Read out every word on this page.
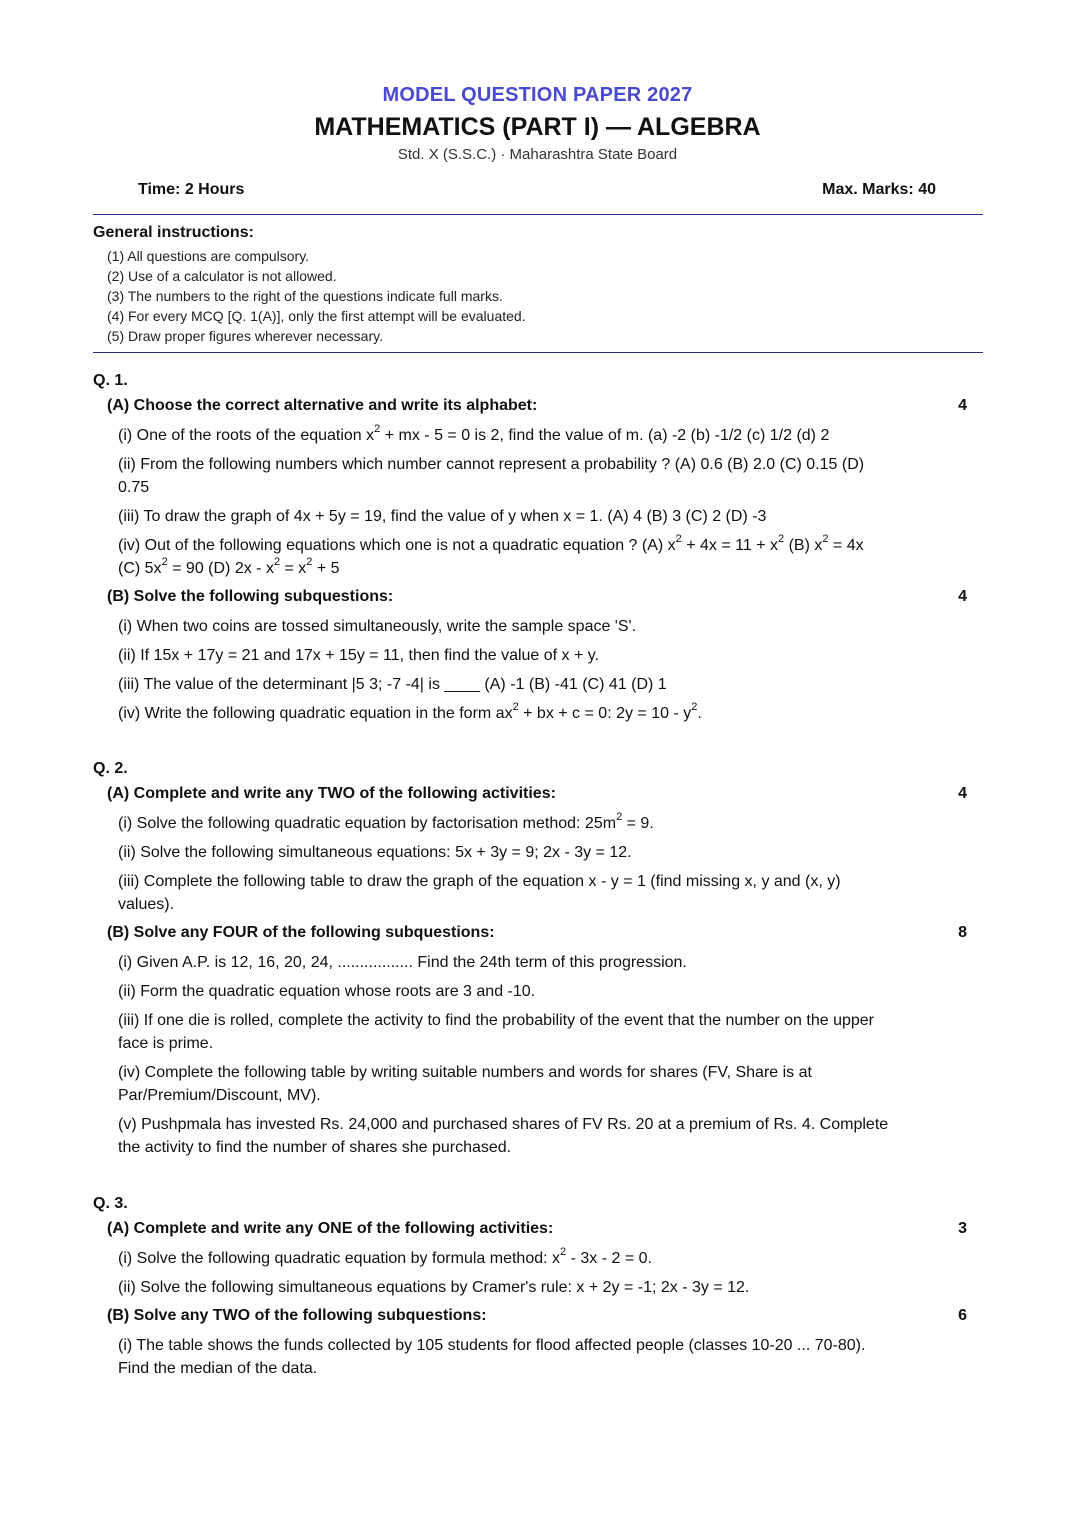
MODEL QUESTION PAPER 2027
MATHEMATICS (PART I) — ALGEBRA
Std. X (S.S.C.) · Maharashtra State Board
Time: 2 Hours	Max. Marks: 40
General instructions:
(1) All questions are compulsory.
(2) Use of a calculator is not allowed.
(3) The numbers to the right of the questions indicate full marks.
(4) For every MCQ [Q. 1(A)], only the first attempt will be evaluated.
(5) Draw proper figures wherever necessary.
Q. 1.
(A) Choose the correct alternative and write its alphabet:	4
(i) One of the roots of the equation $x^2$ + mx - 5 = 0 is 2, find the value of m. (a) -2 (b) -1/2 (c) 1/2 (d) 2
(ii) From the following numbers which number cannot represent a probability ? (A) 0.6 (B) 2.0 (C) 0.15 (D) 0.75
(iii) To draw the graph of 4x + 5y = 19, find the value of y when x = 1. (A) 4 (B) 3 (C) 2 (D) -3
(iv) Out of the following equations which one is not a quadratic equation ? (A) $x^2 + 4x = 11 + x^2$ (B) $x^2 = 4x$ (C) $5x^2 = 90$ (D) $2x - x^2 = x^2 + 5$
(B) Solve the following subquestions:	4
(i) When two coins are tossed simultaneously, write the sample space 'S'.
(ii) If 15x + 17y = 21 and 17x + 15y = 11, then find the value of x + y.
(iii) The value of the determinant |5 3; -7 -4| is ____ (A) -1 (B) -41 (C) 41 (D) 1
(iv) Write the following quadratic equation in the form $ax^2$ + bx + c = 0: $2y = 10 - y^2$.
Q. 2.
(A) Complete and write any TWO of the following activities:	4
(i) Solve the following quadratic equation by factorisation method: $25m^2 = 9$.
(ii) Solve the following simultaneous equations: 5x + 3y = 9; 2x - 3y = 12.
(iii) Complete the following table to draw the graph of the equation x - y = 1 (find missing x, y and (x, y) values).
(B) Solve any FOUR of the following subquestions:	8
(i) Given A.P. is 12, 16, 20, 24, ................. Find the 24th term of this progression.
(ii) Form the quadratic equation whose roots are 3 and -10.
(iii) If one die is rolled, complete the activity to find the probability of the event that the number on the upper face is prime.
(iv) Complete the following table by writing suitable numbers and words for shares (FV, Share is at Par/Premium/Discount, MV).
(v) Pushpmala has invested Rs. 24,000 and purchased shares of FV Rs. 20 at a premium of Rs. 4. Complete the activity to find the number of shares she purchased.
Q. 3.
(A) Complete and write any ONE of the following activities:	3
(i) Solve the following quadratic equation by formula method: $x^2 - 3x - 2 = 0$.
(ii) Solve the following simultaneous equations by Cramer's rule: x + 2y = -1; 2x - 3y = 12.
(B) Solve any TWO of the following subquestions:	6
(i) The table shows the funds collected by 105 students for flood affected people (classes 10-20 ... 70-80). Find the median of the data.
